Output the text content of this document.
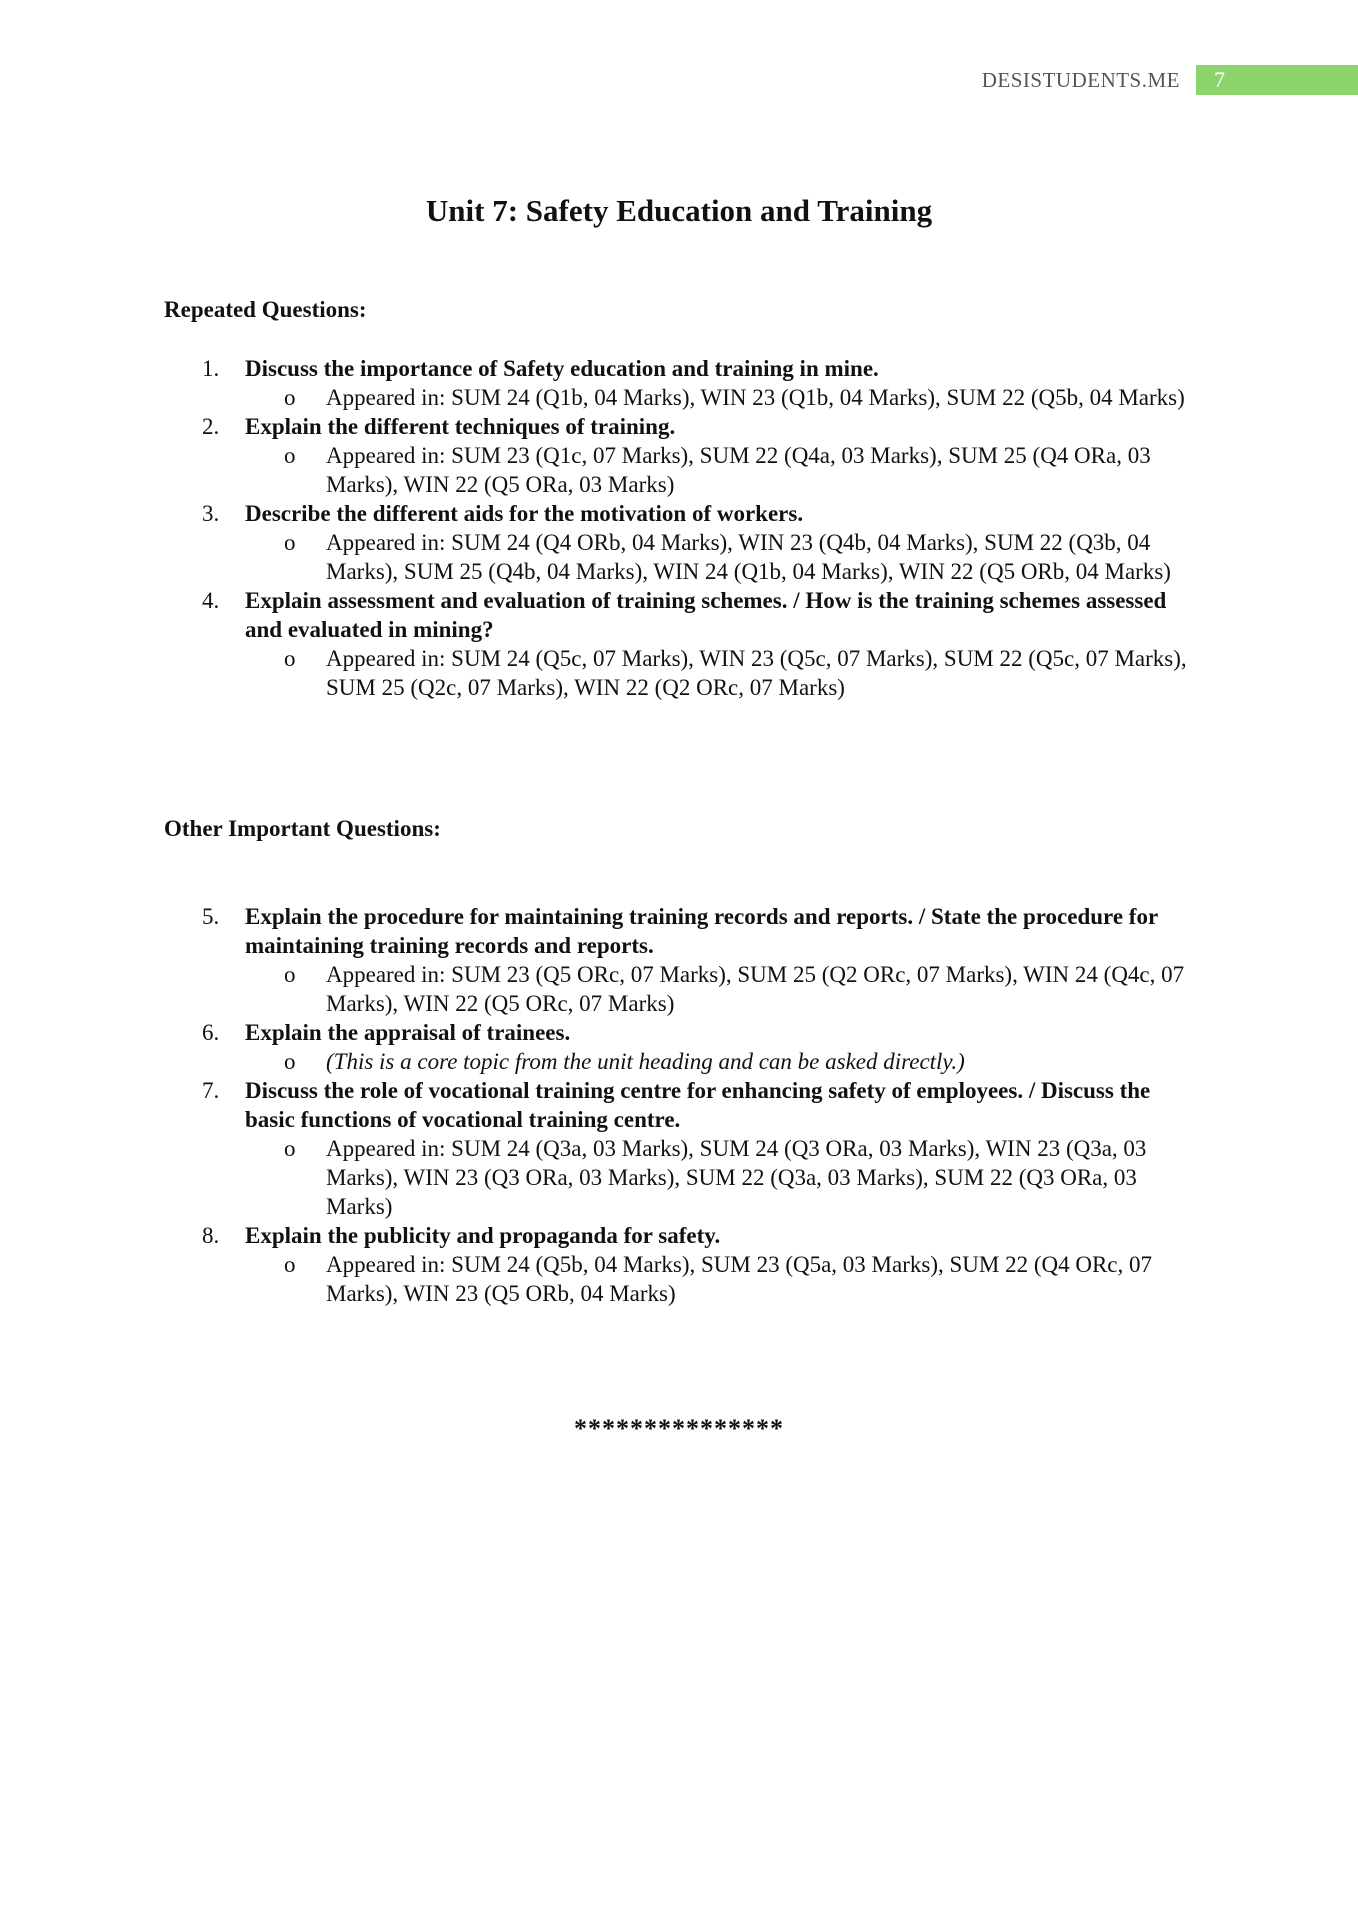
DESISTUDENTS.ME	7
Unit 7: Safety Education and Training
Repeated Questions:
1. Discuss the importance of Safety education and training in mine.
o Appeared in: SUM 24 (Q1b, 04 Marks), WIN 23 (Q1b, 04 Marks), SUM 22 (Q5b, 04 Marks)
2. Explain the different techniques of training.
o Appeared in: SUM 23 (Q1c, 07 Marks), SUM 22 (Q4a, 03 Marks), SUM 25 (Q4 ORa, 03 Marks), WIN 22 (Q5 ORa, 03 Marks)
3. Describe the different aids for the motivation of workers.
o Appeared in: SUM 24 (Q4 ORb, 04 Marks), WIN 23 (Q4b, 04 Marks), SUM 22 (Q3b, 04 Marks), SUM 25 (Q4b, 04 Marks), WIN 24 (Q1b, 04 Marks), WIN 22 (Q5 ORb, 04 Marks)
4. Explain assessment and evaluation of training schemes. / How is the training schemes assessed and evaluated in mining?
o Appeared in: SUM 24 (Q5c, 07 Marks), WIN 23 (Q5c, 07 Marks), SUM 22 (Q5c, 07 Marks), SUM 25 (Q2c, 07 Marks), WIN 22 (Q2 ORc, 07 Marks)
Other Important Questions:
5. Explain the procedure for maintaining training records and reports. / State the procedure for maintaining training records and reports.
o Appeared in: SUM 23 (Q5 ORc, 07 Marks), SUM 25 (Q2 ORc, 07 Marks), WIN 24 (Q4c, 07 Marks), WIN 22 (Q5 ORc, 07 Marks)
6. Explain the appraisal of trainees.
o (This is a core topic from the unit heading and can be asked directly.)
7. Discuss the role of vocational training centre for enhancing safety of employees. / Discuss the basic functions of vocational training centre.
o Appeared in: SUM 24 (Q3a, 03 Marks), SUM 24 (Q3 ORa, 03 Marks), WIN 23 (Q3a, 03 Marks), WIN 23 (Q3 ORa, 03 Marks), SUM 22 (Q3a, 03 Marks), SUM 22 (Q3 ORa, 03 Marks)
8. Explain the publicity and propaganda for safety.
o Appeared in: SUM 24 (Q5b, 04 Marks), SUM 23 (Q5a, 03 Marks), SUM 22 (Q4 ORc, 07 Marks), WIN 23 (Q5 ORb, 04 Marks)
***************
